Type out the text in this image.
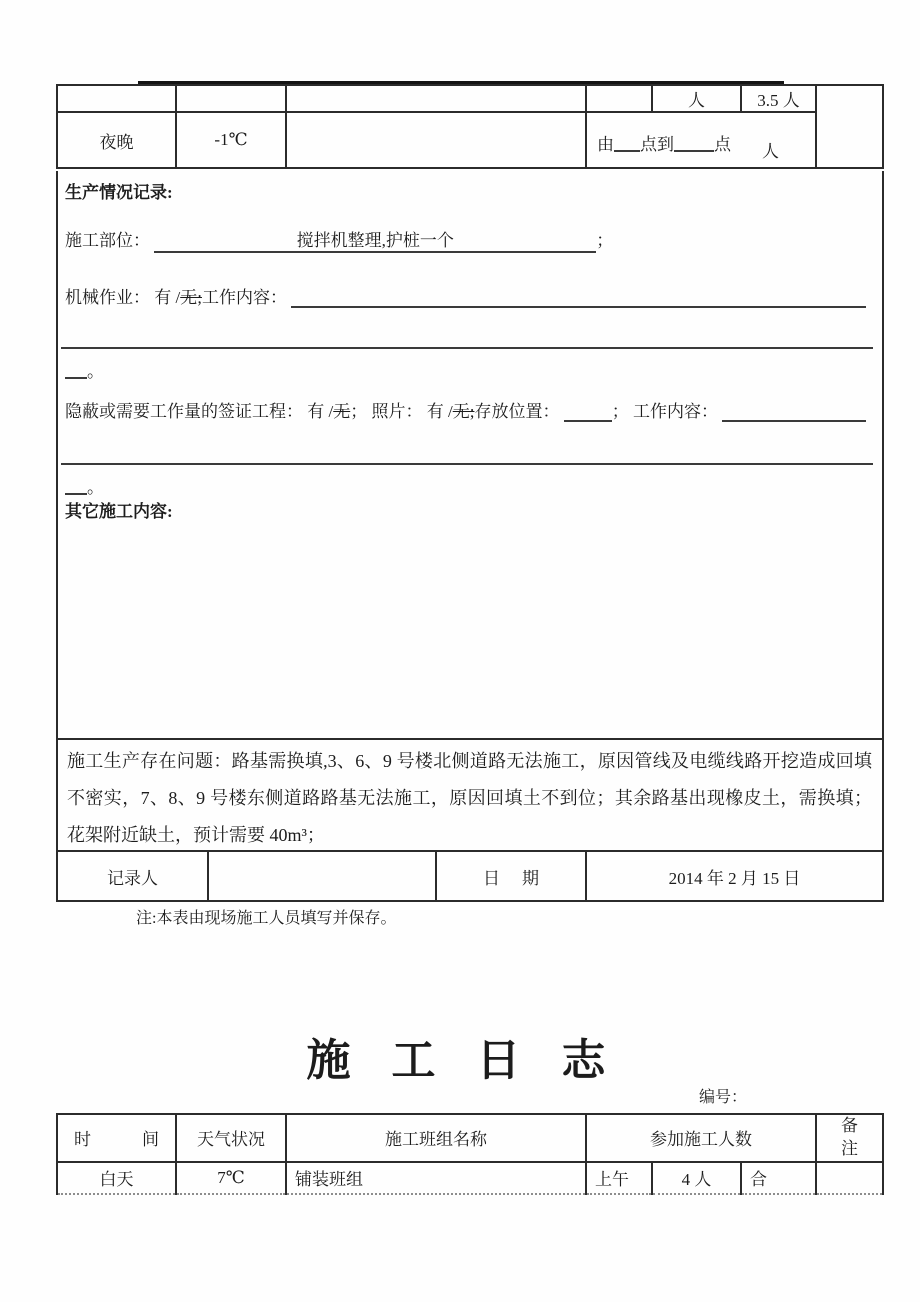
				人	3.5 人	
夜晚	-1℃		由 点到 点 人			
生产情况记录:
施工部位：	搅拌机整理,护桩一个	；
机械作业： 有 / 无; 工作内容：

。
隐蔽或需要工作量的签证工程： 有 / 无 ； 照片： 有 / 无; 存放位置：
	；
工作内容：

。
其它施工内容:
施工生产存在问题：路基需换填,3、6、9 号楼北侧道路无法施工，原因管线及电缆线路开挖造成回填不密实，7、8、9 号楼东侧道路路基无法施工，原因回填土不到位；其余路基出现橡皮土，需换填；花架附近缺土，预计需要 40m³；
记录人	日 期	2014 年 2 月 15 日
注:本表由现场施工人员填写并保存。
施 工 日 志
编号：
时 间	天气状况	施工班组名称	参加施工人数			备注
白天	7℃	铺装班组	上午	4 人	合	
